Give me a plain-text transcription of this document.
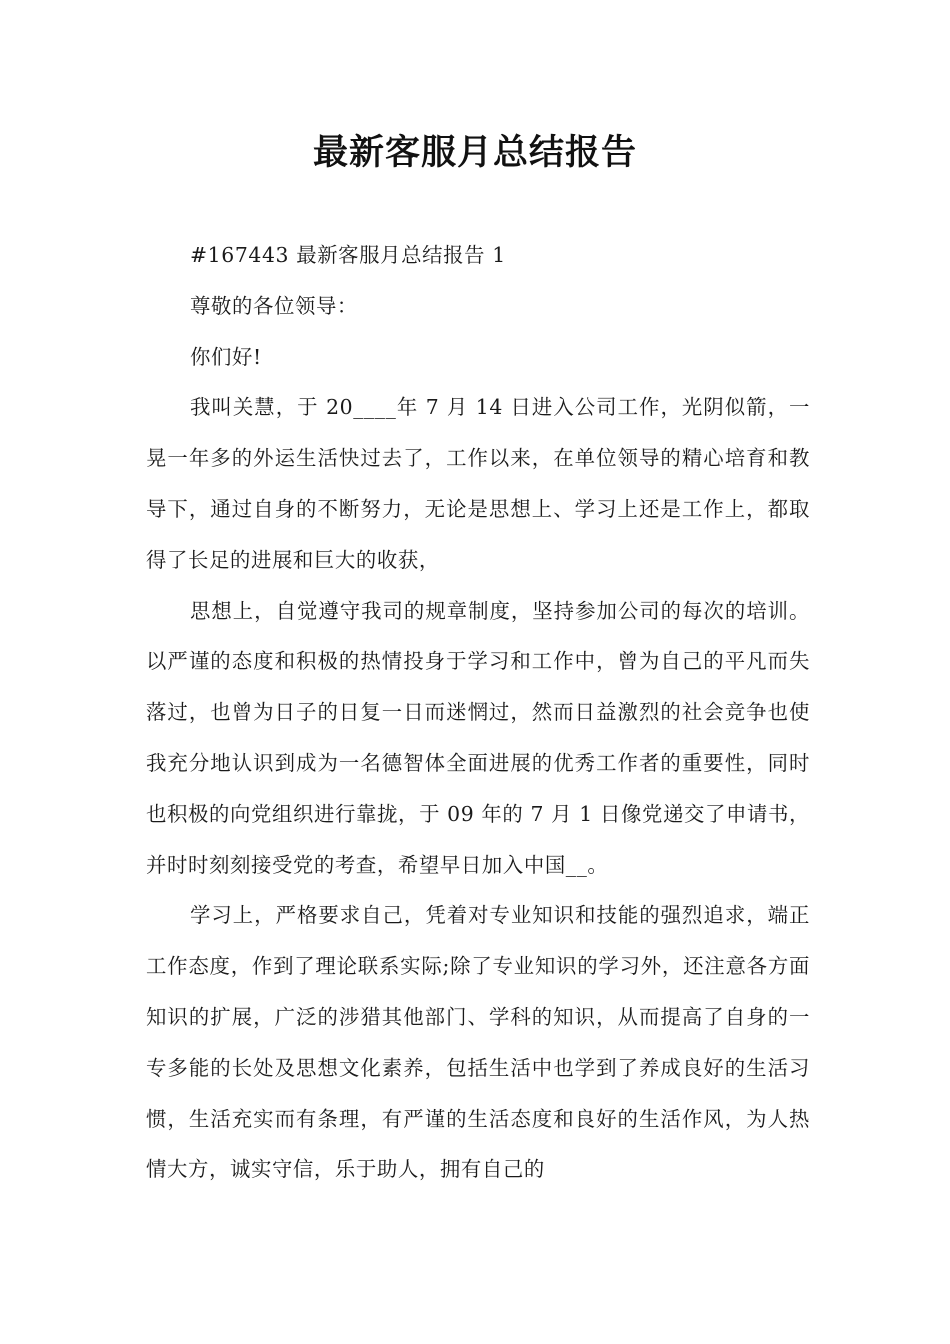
最新客服月总结报告

#167443 最新客服月总结报告 1

尊敬的各位领导：

你们好!

我叫关慧，于 20____年 7 月 14 日进入公司工作，光阴似箭，一晃一年多的外运生活快过去了，工作以来，在单位领导的精心培育和教导下，通过自身的不断努力，无论是思想上、学习上还是工作上，都取得了长足的进展和巨大的收获，

思想上，自觉遵守我司的规章制度，坚持参加公司的每次的培训。以严谨的态度和积极的热情投身于学习和工作中，曾为自己的平凡而失落过，也曾为日子的日复一日而迷惘过，然而日益激烈的社会竞争也使我充分地认识到成为一名德智体全面进展的优秀工作者的重要性，同时也积极的向党组织进行靠拢，于 09 年的 7 月 1 日像党递交了申请书，并时时刻刻接受党的考查，希望早日加入中国__。

学习上，严格要求自己，凭着对专业知识和技能的强烈追求，端正工作态度，作到了理论联系实际;除了专业知识的学习外，还注意各方面知识的扩展，广泛的涉猎其他部门、学科的知识，从而提高了自身的一专多能的长处及思想文化素养，包括生活中也学到了养成良好的生活习惯，生活充实而有条理，有严谨的生活态度和良好的生活作风，为人热情大方，诚实守信，乐于助人，拥有自己的
